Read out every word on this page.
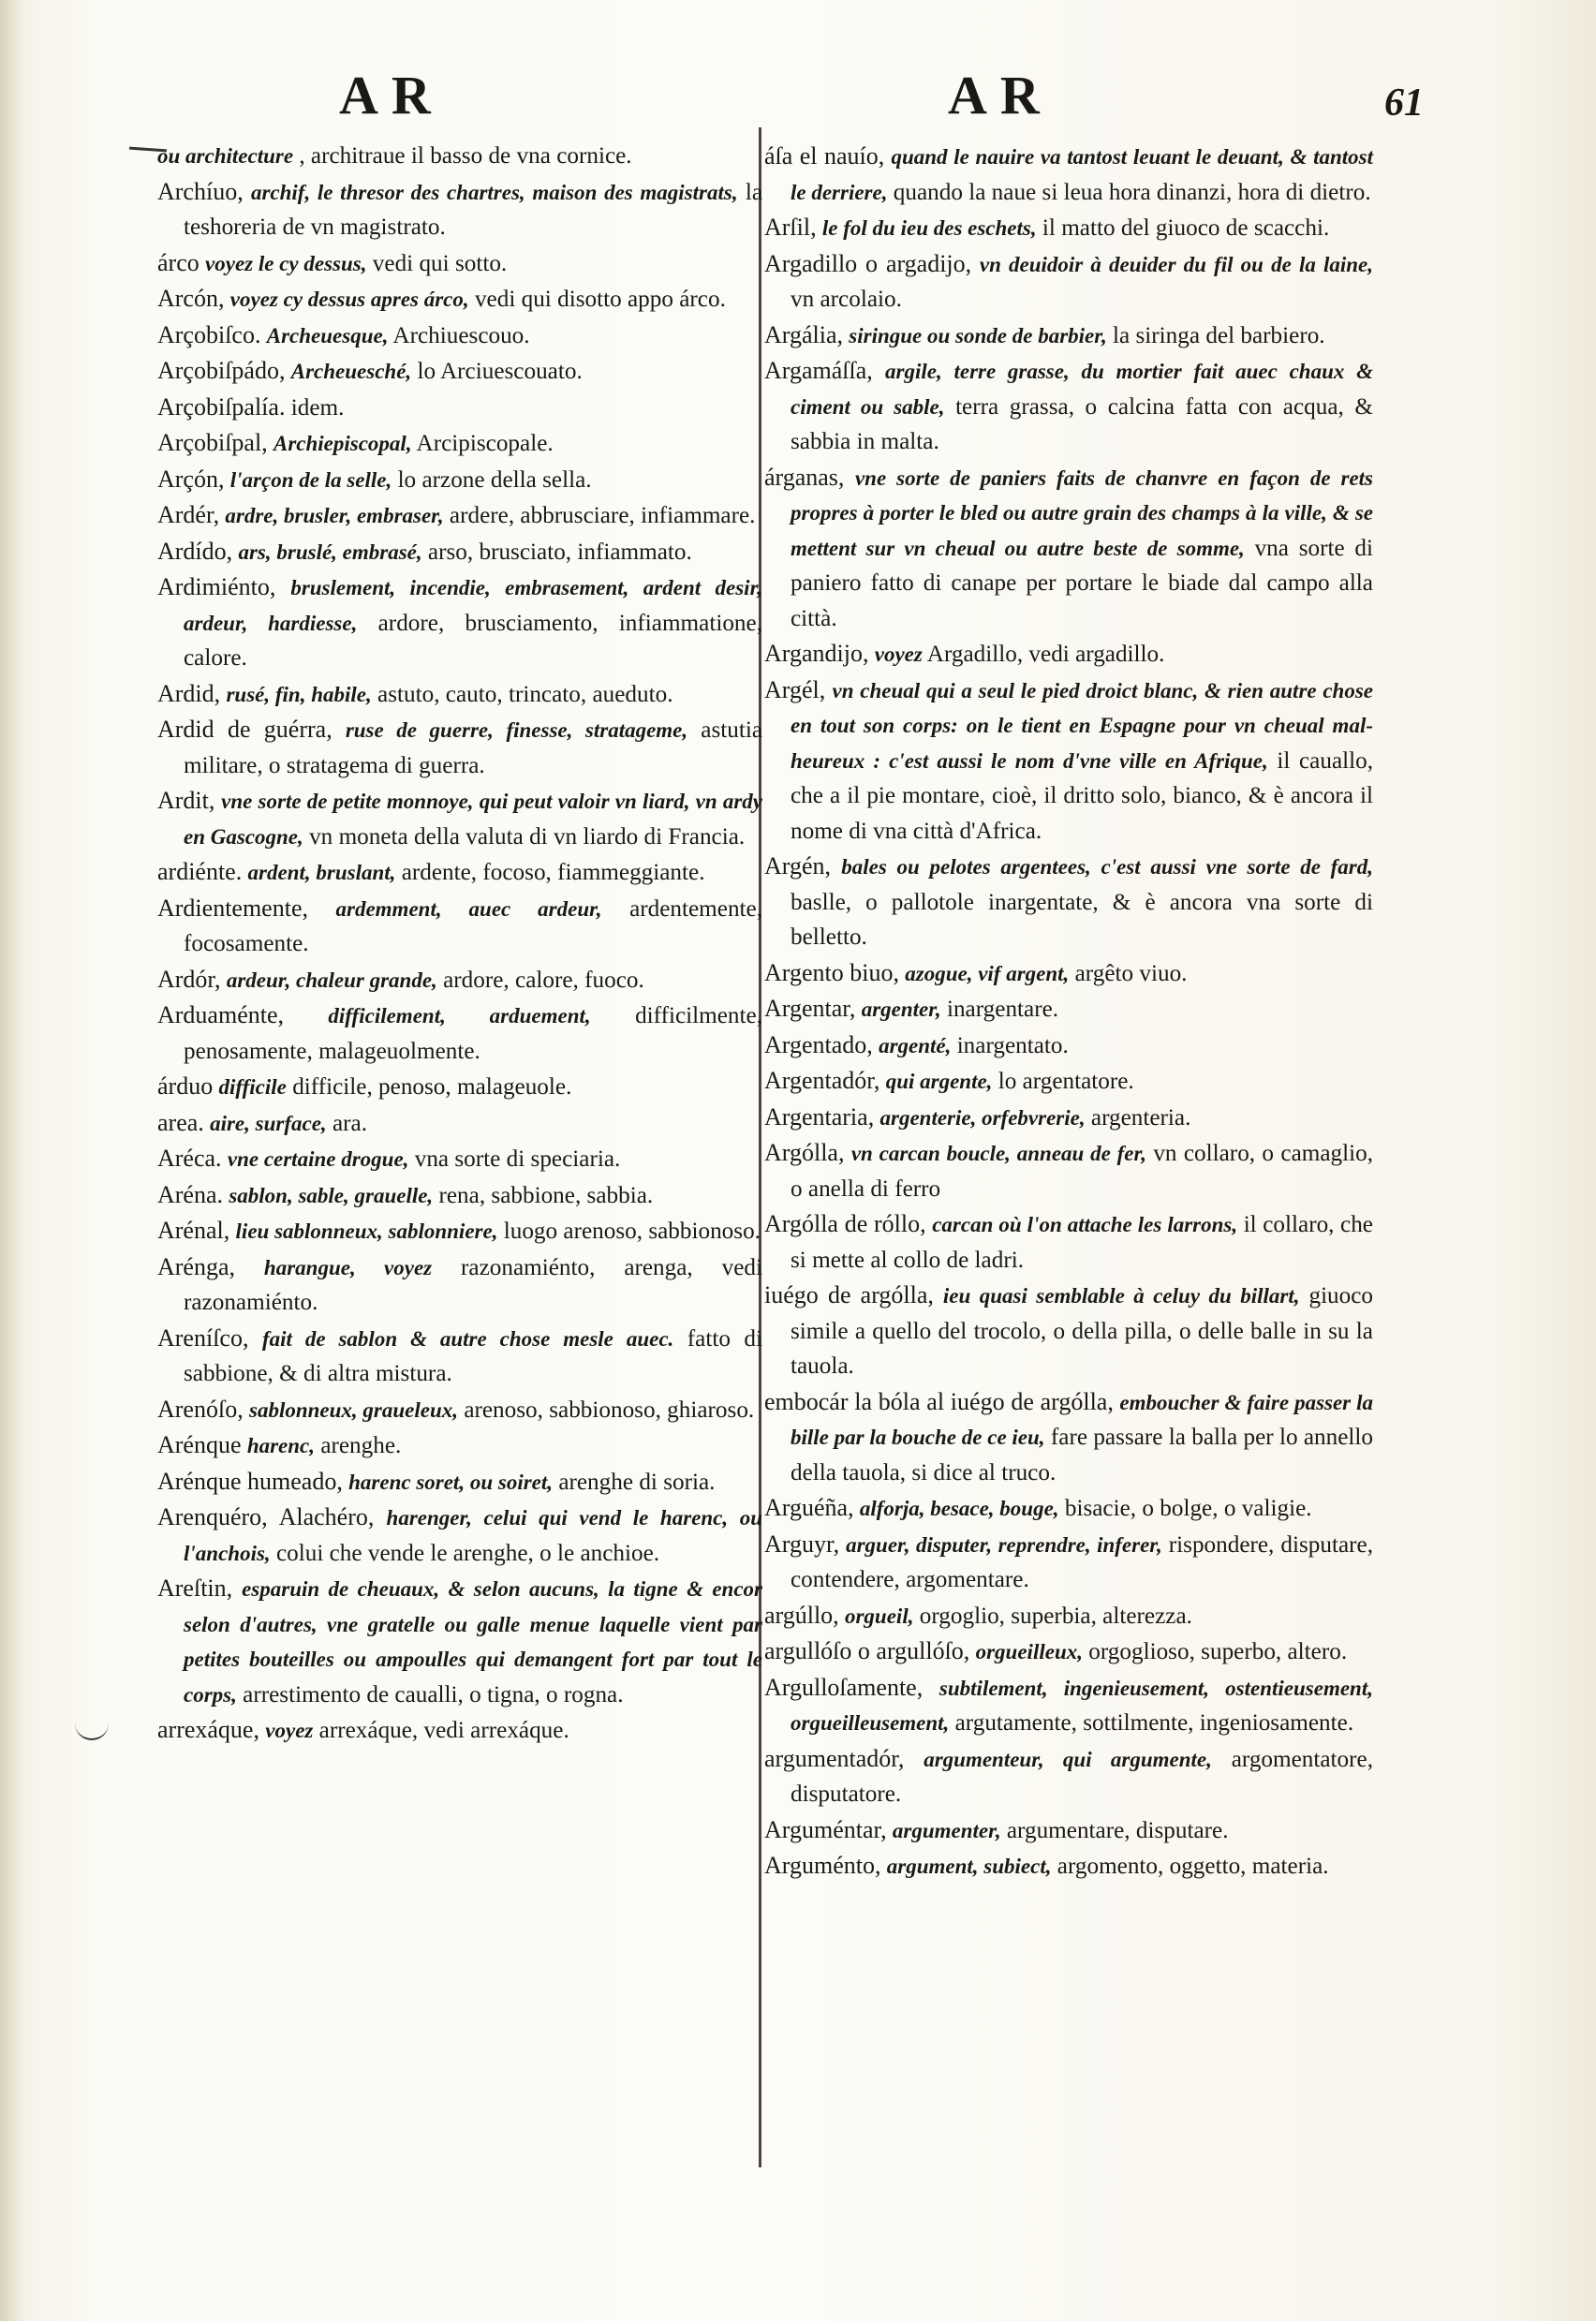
AR	AR	61

ou architecture , architraue il basso de vna cornice.

Archíuo, archif, le thresor des chartres, maison des magistrats, la teshoreria de vn magistrato.

árco voyez le cy dessus, vedi qui sotto.

Arcón, voyez cy dessus apres árco, vedi qui disotto appo árco.

Arçobiſco. Archeuesque, Archiuescouo.

Arçobiſpádo, Archeuesché, lo Arciuescouato.

Arçobiſpalía. idem.

Arçobiſpal, Archiepiscopal, Arcipiscopale.

Arçón, l'arçon de la selle, lo arzone della sella.

Ardér, ardre, brusler, embraser, ardere, abbrusciare, infiammare.

Ardído, ars, bruslé, embrasé, arso, brusciato, infiammato.

Ardimiénto, bruslement, incendie, embrasement, ardent desir, ardeur, hardiesse, ardore, brusciamento, infiammatione, calore.

Ardid, rusé, fin, habile, astuto, cauto, trincato, aueduto.

Ardid de guérra, ruse de guerre, finesse, stratageme, astutia militare, o stratagema di guerra.

Ardit, vne sorte de petite monnoye, qui peut valoir vn liard, vn ardy en Gascogne, vn moneta della valuta di vn liardo di Francia.

ardiénte. ardent, bruslant, ardente, focoso, fiammeggiante.

Ardientemente, ardemment, auec ardeur, ardentemente, focosamente.

Ardór, ardeur, chaleur grande, ardore, calore, fuoco.

Arduaménte, difficilement, arduement, difficilmente, penosamente, malageuolmente.

árduo difficile difficile, penoso, malageuole.

area. aire, surface, ara.

Aréca. vne certaine drogue, vna sorte di speciaria.

Aréna. sablon, sable, grauelle, rena, sabbione, sabbia.

Arénal, lieu sablonneux, sablonniere, luogo arenoso, sabbionoso.

Arénga, harangue, voyez razonamiénto, arenga, vedi razonamiénto.

Areníſco, fait de sablon & autre chose mesle auec. fatto di sabbione, & di altra mistura.

Arenóſo, sablonneux, graueleux, arenoso, sabbionoso, ghiaroso.

Arénque harenc, arenghe.

Arénque humeado, harenc soret, ou soiret, arenghe di soria.

Arenquéro, Alachéro, harenger, celui qui vend le harenc, ou l'anchois, colui che vende le arenghe, o le anchioe.

Areſtin, esparuin de cheuaux, & selon aucuns, la tigne & encor selon d'autres, vne gratelle ou galle menue laquelle vient par petites bouteilles ou ampoulles qui demangent fort par tout le corps, arrestimento de caualli, o tigna, o rogna.

arrexáque, voyez arrexáque, vedi arrexáque.

áſa el nauío, quand le nauire va tantost leuant le deuant, & tantost le derriere, quando la naue si leua hora dinanzi, hora di dietro.

Arſil, le fol du ieu des eschets, il matto del giuoco de scacchi.

Argadillo o argadijo, vn deuidoir à deuider du fil ou de la laine, vn arcolaio.

Argália, siringue ou sonde de barbier, la siringa del barbiero.

Argamáſſa, argile, terre grasse, du mortier fait auec chaux & ciment ou sable, terra grassa, o calcina fatta con acqua, & sabbia in malta.

árganas, vne sorte de paniers faits de chanvre en façon de rets propres à porter le bled ou autre grain des champs à la ville, & se mettent sur vn cheual ou autre beste de somme, vna sorte di paniero fatto di canape per portare le biade dal campo alla città.

Argandijo, voyez Argadillo, vedi argadillo.

Argél, vn cheual qui a seul le pied droict blanc, & rien autre chose en tout son corps: on le tient en Espagne pour vn cheual mal-heureux : c'est aussi le nom d'vne ville en Afrique, il cauallo, che a il pie montare, cioè, il dritto solo, bianco, & è ancora il nome di vna città d'Africa.

Argén, bales ou pelotes argentees, c'est aussi vne sorte de fard, baslle, o pallotole inargentate, & è ancora vna sorte di belletto.

Argento biuo, azogue, vif argent, argêto viuo.

Argentar, argenter, inargentare.

Argentado, argenté, inargentato.

Argentadór, qui argente, lo argentatore.

Argentaria, argenterie, orfebvrerie, argenteria.

Argólla, vn carcan boucle, anneau de fer, vn collaro, o camaglio, o anella di ferro

Argólla de róllo, carcan où l'on attache les larrons, il collaro, che si mette al collo de ladri.

iuégo de argólla, ieu quasi semblable à celuy du billart, giuoco simile a quello del trocolo, o della pilla, o delle balle in su la tauola.

embocár la bóla al iuégo de argólla, emboucher & faire passer la bille par la bouche de ce ieu, fare passare la balla per lo annello della tauola, si dice al truco.

Arguéña, alforja, besace, bouge, bisacie, o bolge, o valigie.

Arguyr, arguer, disputer, reprendre, inferer, rispondere, disputare, contendere, argomentare.

argúllo, orgueil, orgoglio, superbia, alterezza.

argullóſo o argullóſo, orgueilleux, orgoglioso, superbo, altero.

Argulloſamente, subtilement, ingenieusement, ostentieusement, orgueilleusement, argutamente, sottilmente, ingeniosamente.

argumentadór, argumenteur, qui argumente, argomentatore, disputatore.

Arguméntar, argumenter, argumentare, disputare.

Arguménto, argument, subiect, argomento, oggetto, materia.
